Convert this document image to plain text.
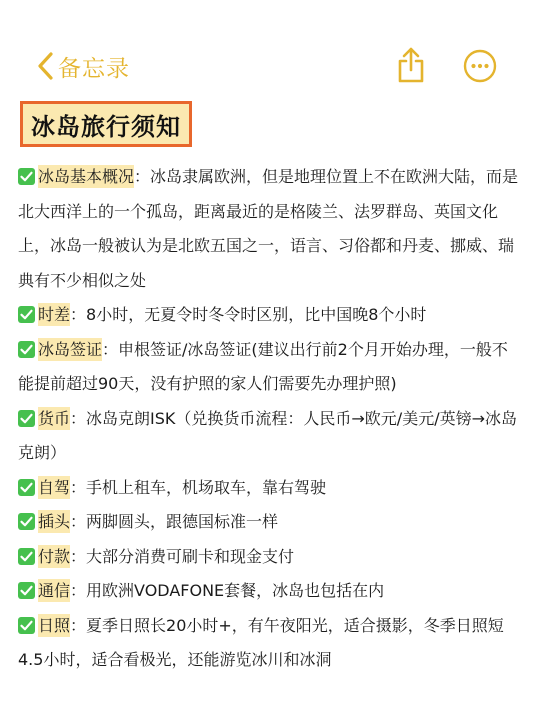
备忘录
冰岛旅行须知
冰岛基本概况：冰岛隶属欧洲，但是地理位置上不在欧洲大陆，而是北大西洋上的一个孤岛，距离最近的是格陵兰、法罗群岛、英国文化上，冰岛一般被认为是北欧五国之一，语言、习俗都和丹麦、挪威、瑞典有不少相似之处
时差：8小时，无夏令时冬令时区别，比中国晚8个小时
冰岛签证：申根签证/冰岛签证(建议出行前2个月开始办理，一般不能提前超过90天，没有护照的家人们需要先办理护照)
货币：冰岛克朗ISK（兑换货币流程：人民币→欧元/美元/英镑→冰岛克朗）
自驾：手机上租车，机场取车，靠右驾驶
插头：两脚圆头，跟德国标准一样
付款：大部分消费可刷卡和现金支付
通信：用欧洲VODAFONE套餐，冰岛也包括在内
日照：夏季日照长20小时+，有午夜阳光，适合摄影，冬季日照短4.5小时，适合看极光，还能游览冰川和冰洞
